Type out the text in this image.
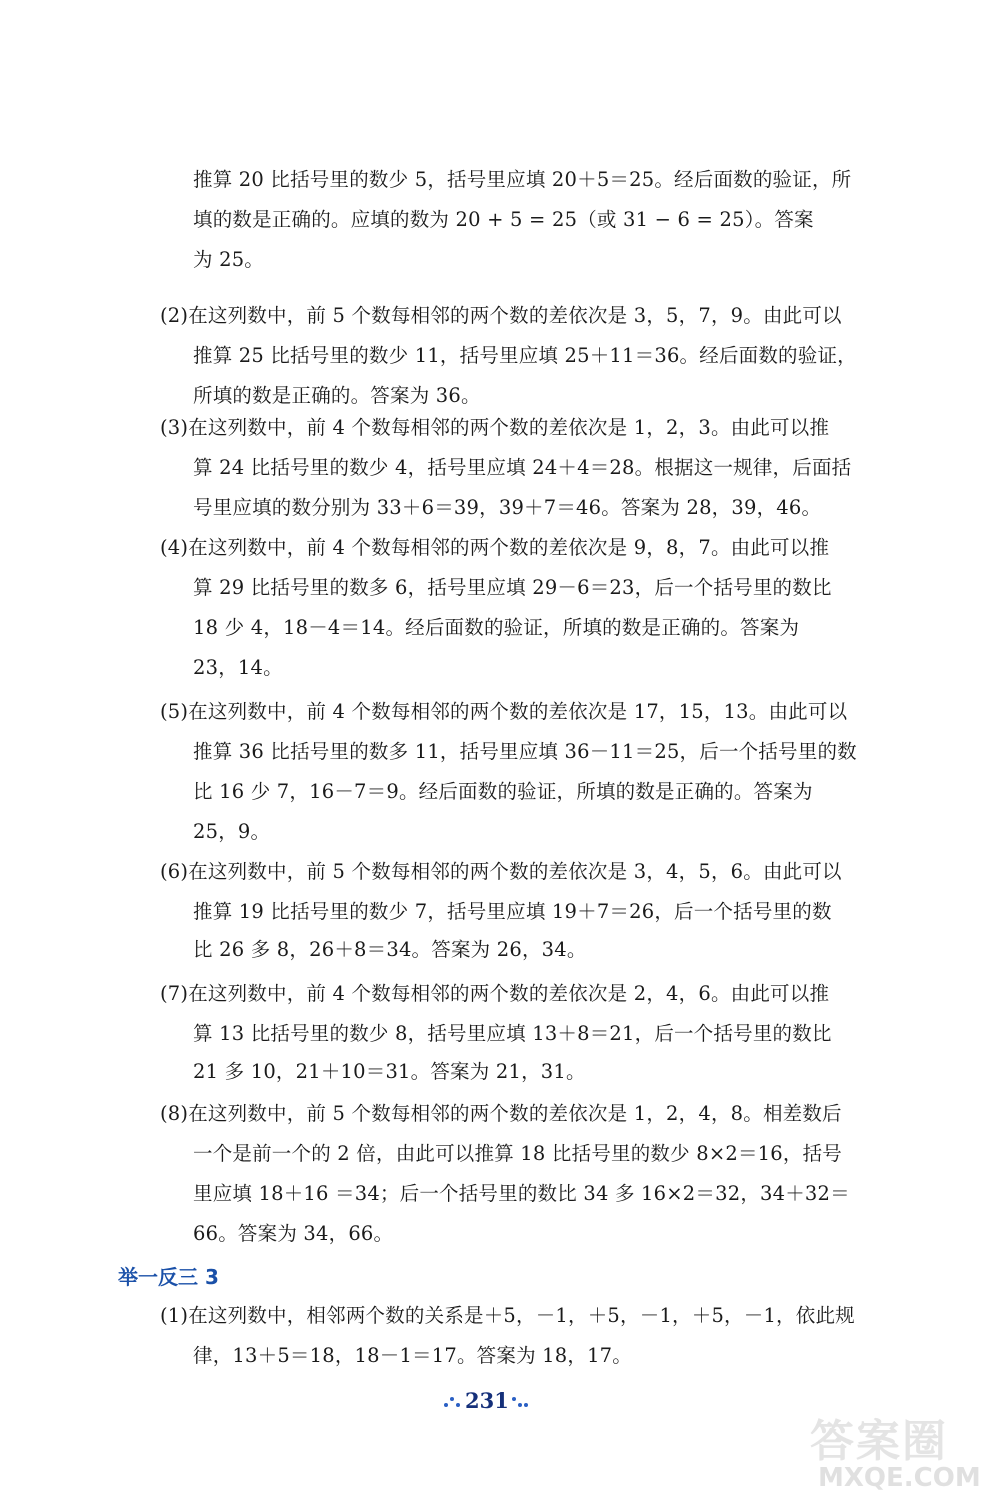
推算 20 比括号里的数少 5，括号里应填 20＋5＝25。经后面数的验证，所
填的数是正确的。应填的数为 20 + 5 = 25（或 31 − 6 = 25）。答案
为 25。
(2)在这列数中，前 5 个数每相邻的两个数的差依次是 3，5，7，9。由此可以
推算 25 比括号里的数少 11，括号里应填 25＋11＝36。经后面数的验证，
所填的数是正确的。答案为 36。
(3)在这列数中，前 4 个数每相邻的两个数的差依次是 1，2，3。由此可以推
算 24 比括号里的数少 4，括号里应填 24＋4＝28。根据这一规律，后面括
号里应填的数分别为 33＋6＝39，39＋7＝46。答案为 28，39，46。
(4)在这列数中，前 4 个数每相邻的两个数的差依次是 9，8，7。由此可以推
算 29 比括号里的数多 6，括号里应填 29－6＝23，后一个括号里的数比
18 少 4，18－4＝14。经后面数的验证，所填的数是正确的。答案为
23，14。
(5)在这列数中，前 4 个数每相邻的两个数的差依次是 17，15，13。由此可以
推算 36 比括号里的数多 11，括号里应填 36－11＝25，后一个括号里的数
比 16 少 7，16－7＝9。经后面数的验证，所填的数是正确的。答案为
25，9。
(6)在这列数中，前 5 个数每相邻的两个数的差依次是 3，4，5，6。由此可以
推算 19 比括号里的数少 7，括号里应填 19＋7＝26，后一个括号里的数
比 26 多 8，26＋8＝34。答案为 26，34。
(7)在这列数中，前 4 个数每相邻的两个数的差依次是 2，4，6。由此可以推
算 13 比括号里的数少 8，括号里应填 13＋8＝21，后一个括号里的数比
21 多 10，21＋10＝31。答案为 21，31。
(8)在这列数中，前 5 个数每相邻的两个数的差依次是 1，2，4，8。相差数后
一个是前一个的 2 倍，由此可以推算 18 比括号里的数少 8×2＝16，括号
里应填 18＋16 ＝34；后一个括号里的数比 34 多 16×2＝32，34＋32＝
66。答案为 34，66。
举一反三 3
(1)在这列数中，相邻两个数的关系是＋5，－1，＋5，－1，＋5，－1，依此规
律，13＋5＝18，18－1＝17。答案为 18，17。
231
答案圈
MXQE.COM
